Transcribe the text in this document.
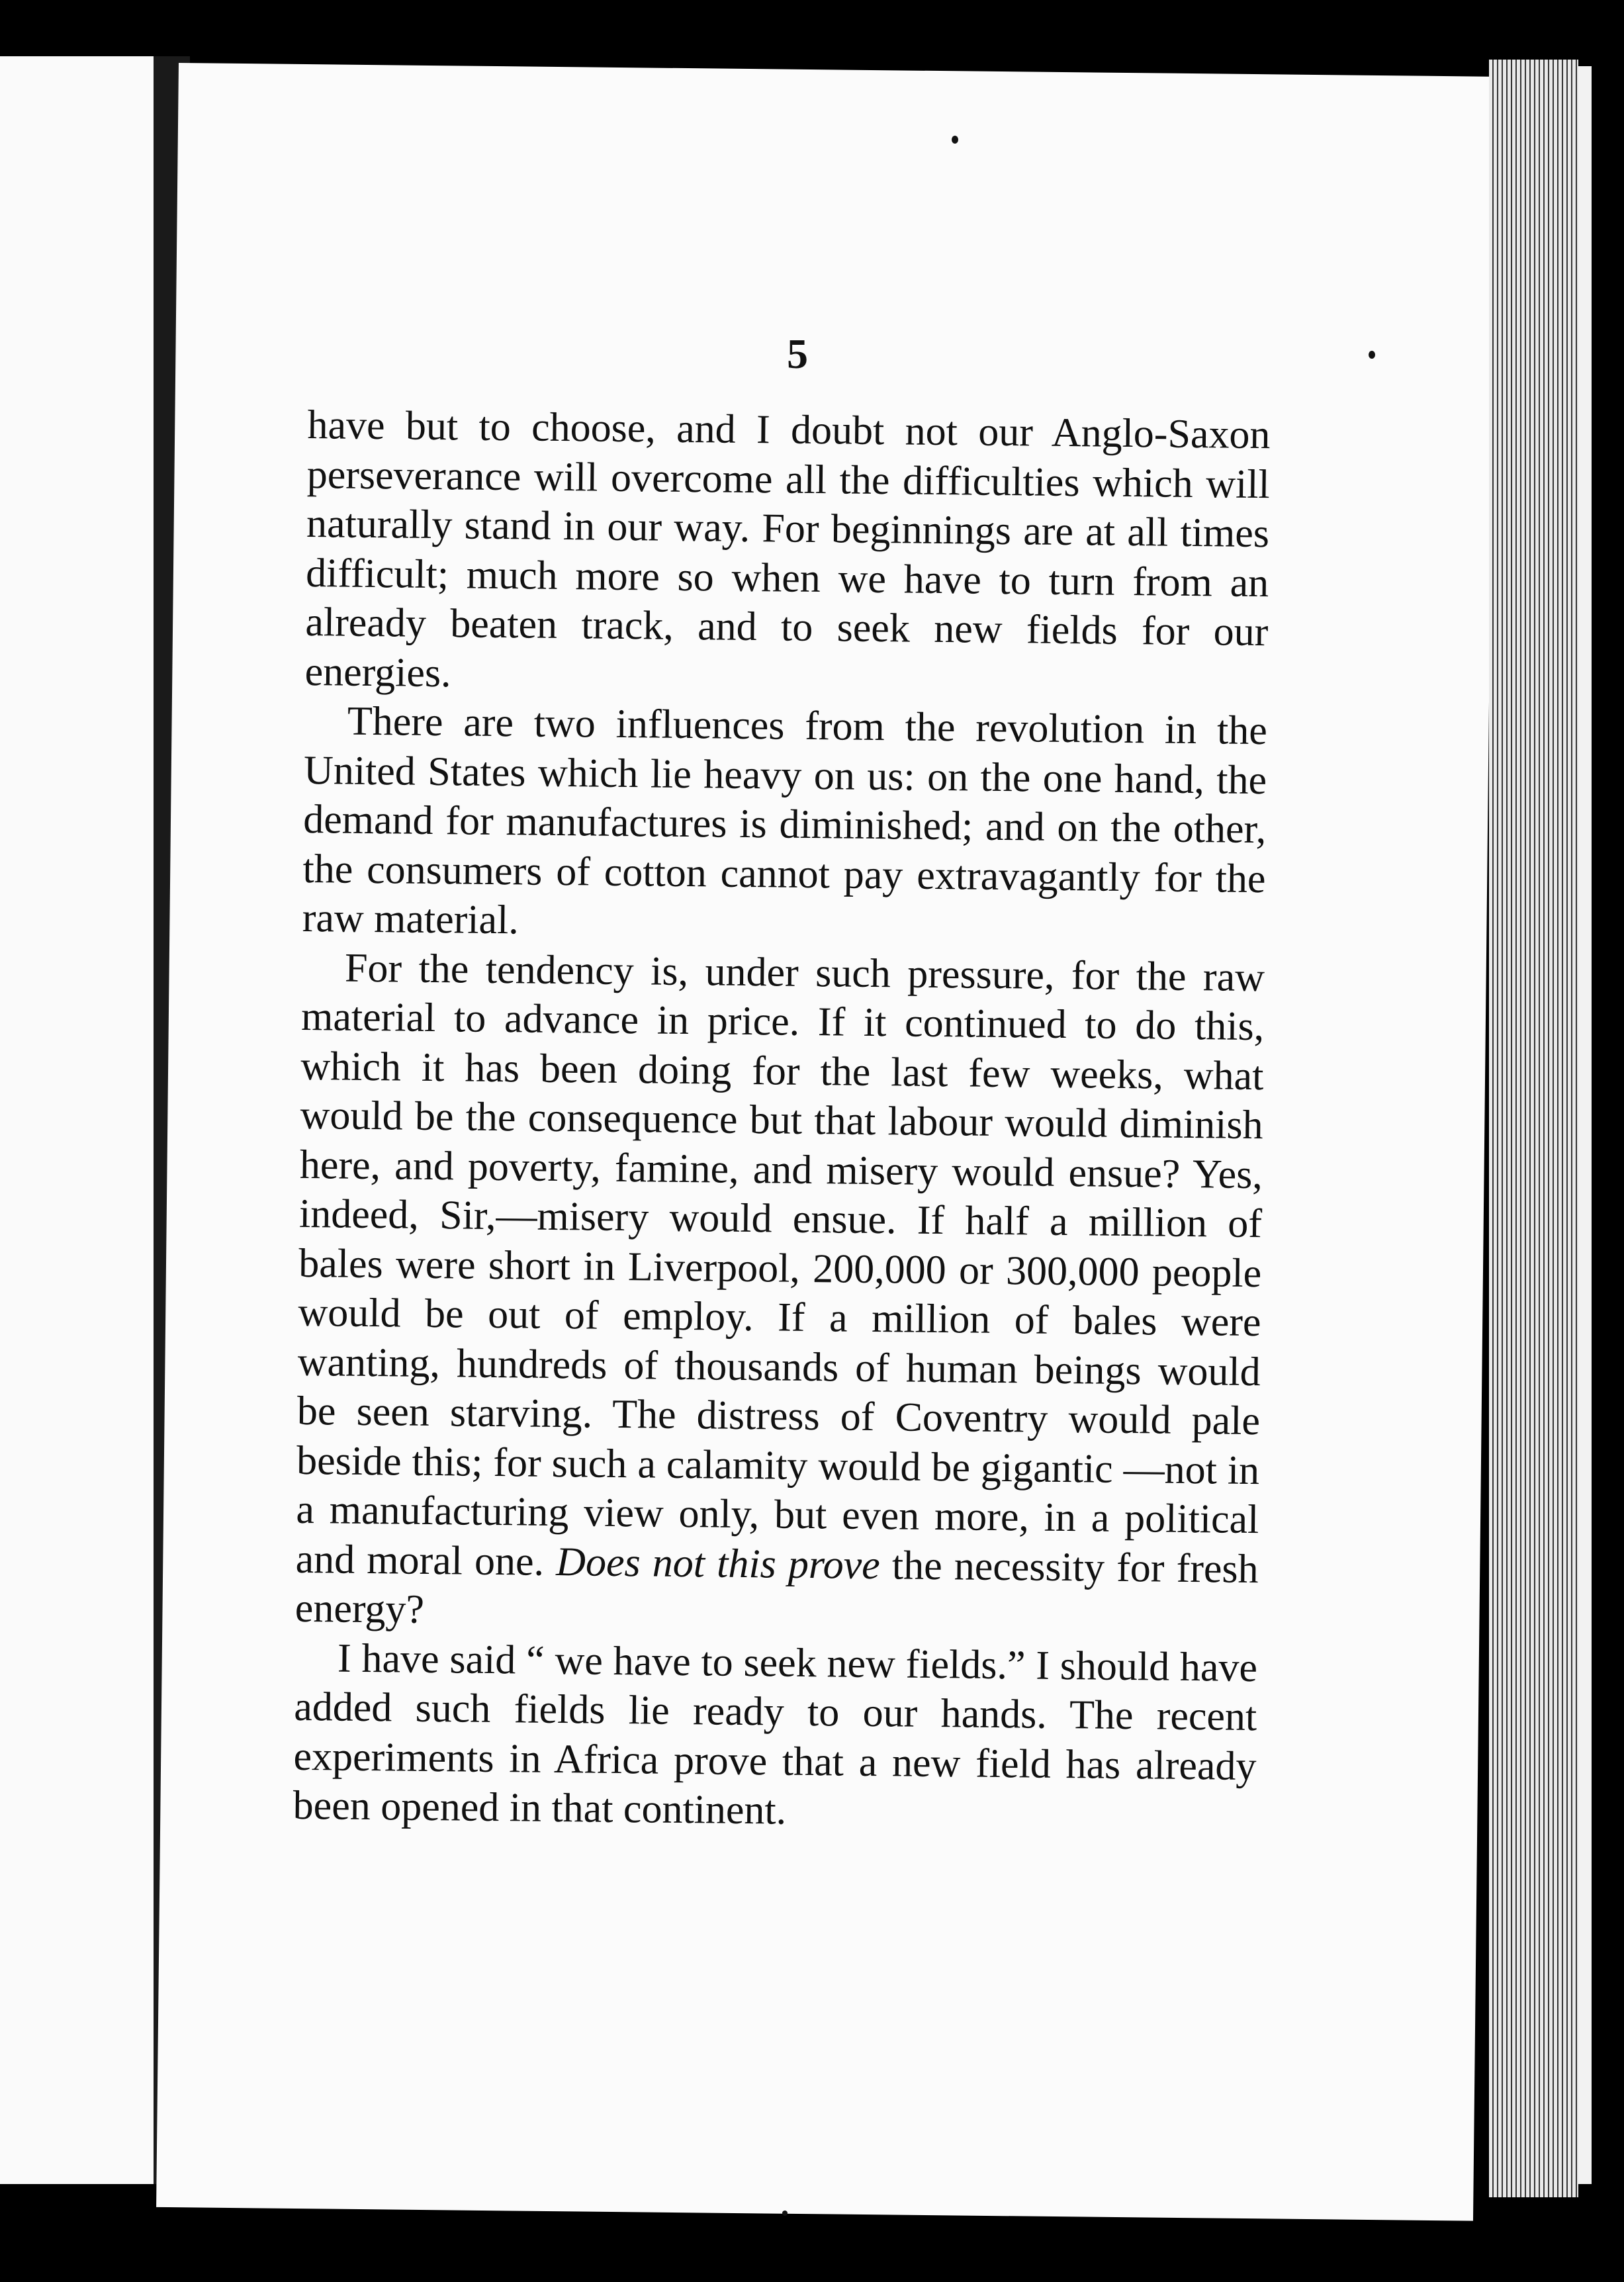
5

have but to choose, and I doubt not our Anglo-Saxon perseverance will overcome all the difficulties which will naturally stand in our way. For beginnings are at all times difficult; much more so when we have to turn from an already beaten track, and to seek new fields for our energies.

There are two influences from the revolution in the United States which lie heavy on us: on the one hand, the demand for manufactures is diminished; and on the other, the consumers of cotton cannot pay extravagantly for the raw material.

For the tendency is, under such pressure, for the raw material to advance in price. If it continued to do this, which it has been doing for the last few weeks, what would be the consequence but that labour would diminish here, and poverty, famine, and misery would ensue? Yes, indeed, Sir,—misery would ensue. If half a million of bales were short in Liverpool, 200,000 or 300,000 people would be out of employ. If a million of bales were wanting, hundreds of thousands of human beings would be seen starving. The distress of Coventry would pale beside this; for such a calamity would be gigantic —not in a manufacturing view only, but even more, in a political and moral one. Does not this prove the necessity for fresh energy?

I have said “ we have to seek new fields.” I should have added such fields lie ready to our hands. The recent experiments in Africa prove that a new field has already been opened in that continent.
